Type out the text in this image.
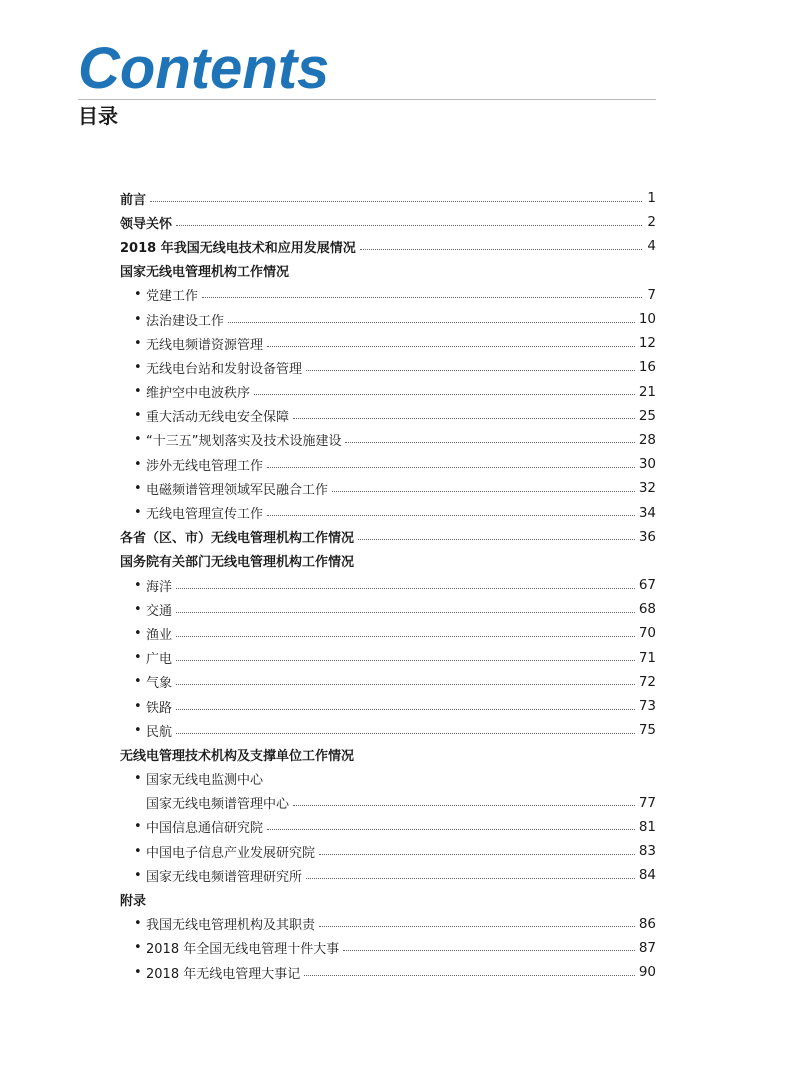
Contents
目录
前言	1
领导关怀	2
2018 年我国无线电技术和应用发展情况	4
国家无线电管理机构工作情况
• 党建工作	7
• 法治建设工作	10
• 无线电频谱资源管理	12
• 无线电台站和发射设备管理	16
• 维护空中电波秩序	21
• 重大活动无线电安全保障	25
• “十三五”规划落实及技术设施建设	28
• 涉外无线电管理工作	30
• 电磁频谱管理领域军民融合工作	32
• 无线电管理宣传工作	34
各省（区、市）无线电管理机构工作情况	36
国务院有关部门无线电管理机构工作情况
• 海洋	67
• 交通	68
• 渔业	70
• 广电	71
• 气象	72
• 铁路	73
• 民航	75
无线电管理技术机构及支撑单位工作情况
• 国家无线电监测中心
国家无线电频谱管理中心	77
• 中国信息通信研究院	81
• 中国电子信息产业发展研究院	83
• 国家无线电频谱管理研究所	84
附录
• 我国无线电管理机构及其职责	86
• 2018 年全国无线电管理十件大事	87
• 2018 年无线电管理大事记	90
